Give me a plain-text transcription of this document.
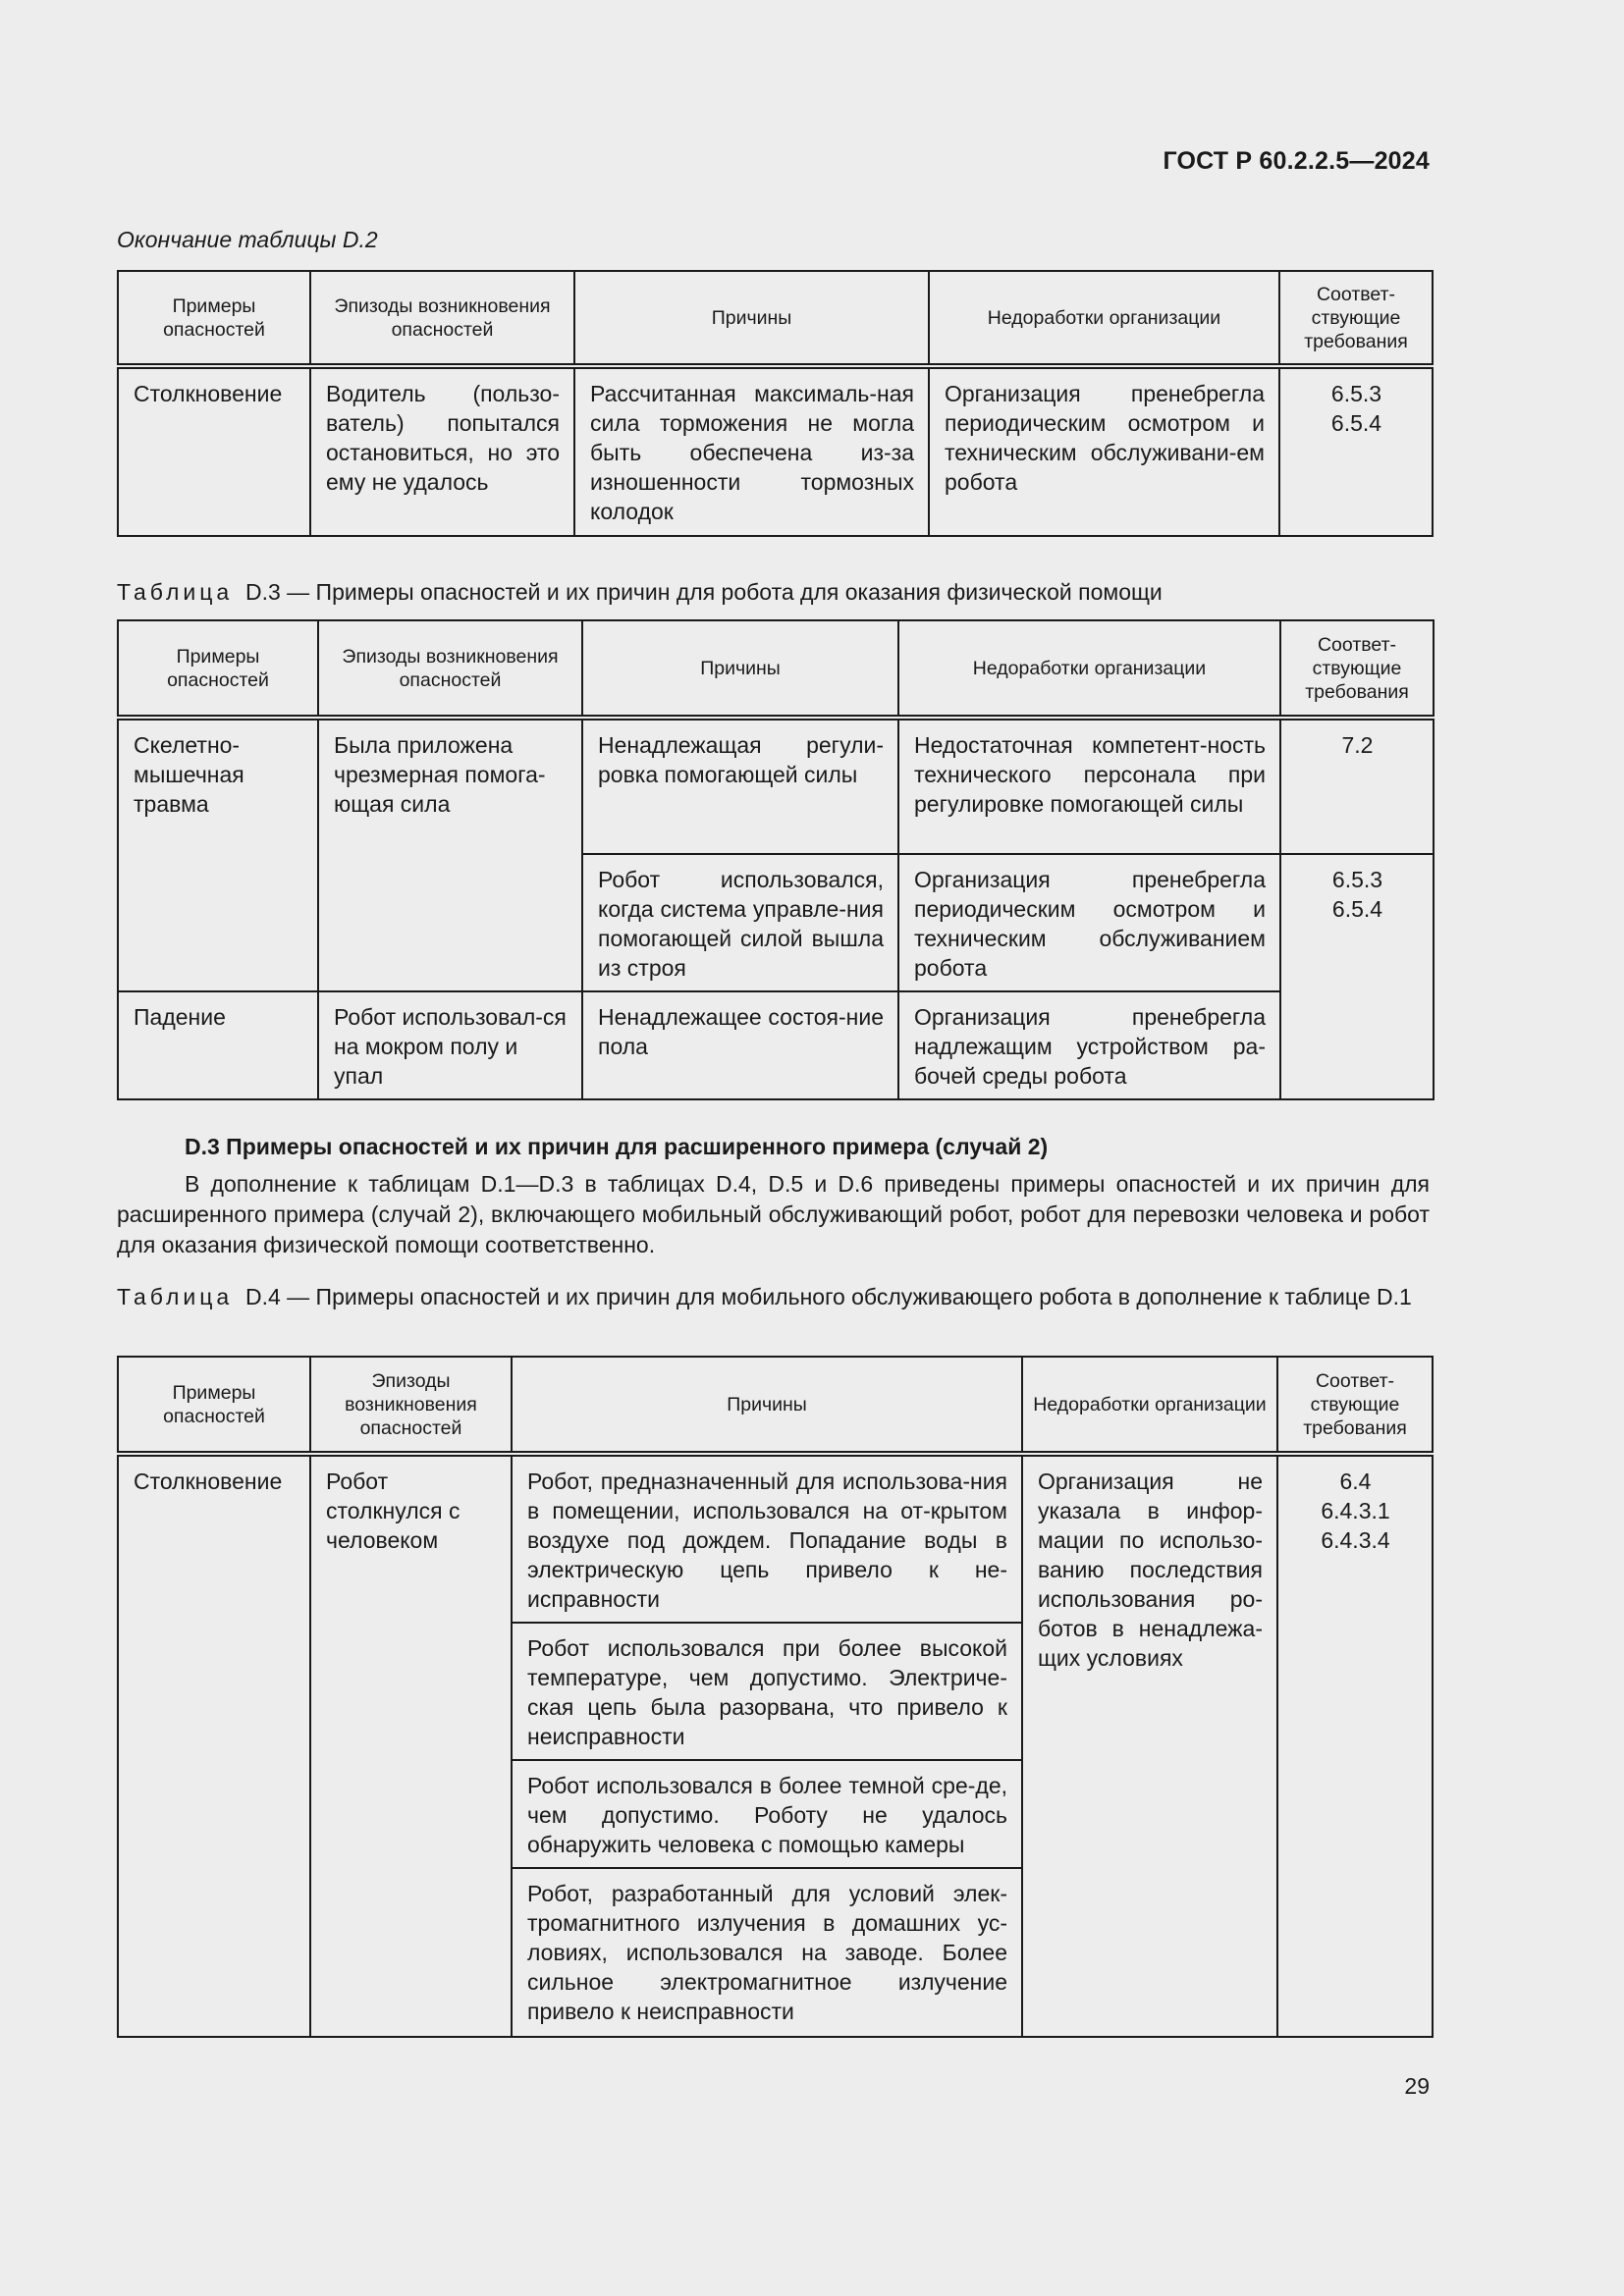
ГОСТ Р 60.2.2.5—2024
Окончание таблицы D.2
Примеры опасностей	Эпизоды возникновения опасностей	Причины	Недоработки организации	Соответ-ствующие требования
Столкновение	Водитель (пользо-ватель) попытался остановиться, но это ему не удалось	Рассчитанная максималь-ная сила торможения не могла быть обеспечена из-за изношенности тормозных колодок	Организация пренебрегла периодическим осмотром и техническим обслуживани-ем робота	6.5.3
6.5.4
Таблица D.3 — Примеры опасностей и их причин для робота для оказания физической помощи
Примеры опасностей	Эпизоды возникновения опасностей	Причины	Недоработки организации	Соответ-ствующие требования
Скелетно-мышечная травма	Была приложена чрезмерная помога-ющая сила	Ненадлежащая регули-ровка помогающей силы	Недостаточная компетент-ность технического персонала при регулировке помогающей силы	7.2
		Робот использовался, когда система управле-ния помогающей силой вышла из строя	Организация пренебрегла периодическим осмотром и техническим обслуживанием робота	6.5.3
6.5.4

Падение	Робот использовал-ся на мокром полу и упал	Ненадлежащее состоя-ние пола	Организация пренебрегла надлежащим устройством ра-бочей среды робота	
D.3 Примеры опасностей и их причин для расширенного примера (случай 2)
В дополнение к таблицам D.1—D.3 в таблицах D.4, D.5 и D.6 приведены примеры опасностей и их причин для расширенного примера (случай 2), включающего мобильный обслуживающий робот, робот для перевозки человека и робот для оказания физической помощи соответственно.
Таблица D.4 — Примеры опасностей и их причин для мобильного обслуживающего робота в дополнение к таблице D.1
Примеры опасностей	Эпизоды возникновения опасностей	Причины	Недоработки организации	Соответ-ствующие требования
Столкновение	Робот столкнулся с человеком	Робот, предназначенный для использова-ния в помещении, использовался на от-крытом воздухе под дождем. Попадание воды в электрическую цепь привело к не-исправности	Организация не указала в инфор-мации по использо-ванию последствия использования ро-ботов в ненадлежа-щих условиях	6.4
6.4.3.1
6.4.3.4

		Робот использовался при более высокой температуре, чем допустимо. Электриче-ская цепь была разорвана, что привело к неисправности		
		Робот использовался в более темной сре-де, чем допустимо. Роботу не удалось обнаружить человека с помощью камеры		
		Робот, разработанный для условий элек-тромагнитного излучения в домашних ус-ловиях, использовался на заводе. Более сильное электромагнитное излучение привело к неисправности		
29
